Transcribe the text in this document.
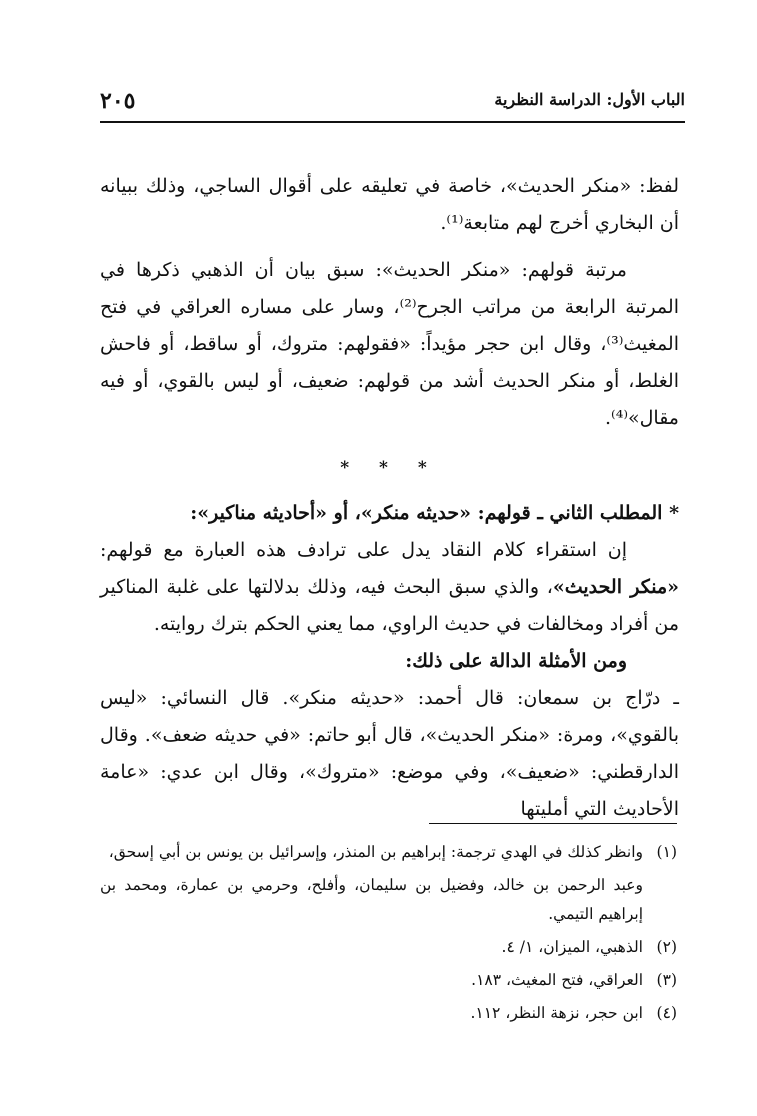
الباب الأول: الدراسة النظرية
٢٠٥

لفظ: «منكر الحديث»، خاصة في تعليقه على أقوال الساجي، وذلك ببيانه أن البخاري أخرج لهم متابعة⁽¹⁾.

مرتبة قولهم: «منكر الحديث»: سبق بيان أن الذهبي ذكرها في المرتبة الرابعة من مراتب الجرح⁽²⁾، وسار على مساره العراقي في فتح المغيث⁽³⁾، وقال ابن حجر مؤيداً: «فقولهم: متروك، أو ساقط، أو فاحش الغلط، أو منكر الحديث أشد من قولهم: ضعيف، أو ليس بالقوي، أو فيه مقال»⁽⁴⁾.

* * *

* المطلب الثاني ـ قولهم: «حديثه منكر»، أو «أحاديثه مناكير»:

إن استقراء كلام النقاد يدل على ترادف هذه العبارة مع قولهم: «منكر الحديث»، والذي سبق البحث فيه، وذلك بدلالتها على غلبة المناكير من أفراد ومخالفات في حديث الراوي، مما يعني الحكم بترك روايته.

ومن الأمثلة الدالة على ذلك:

ـ درّاج بن سمعان: قال أحمد: «حديثه منكر». قال النسائي: «ليس بالقوي»، ومرة: «منكر الحديث»، قال أبو حاتم: «في حديثه ضعف». وقال الدارقطني: «ضعيف»، وفي موضع: «متروك»، وقال ابن عدي: «عامة الأحاديث التي أمليتها

(١)وانظر كذلك في الهدي ترجمة: إبراهيم بن المنذر، وإسرائيل بن يونس بن أبي إسحق،

وعبد الرحمن بن خالد، وفضيل بن سليمان، وأفلح، وحرمي بن عمارة، ومحمد بن إبراهيم التيمي.

(٢)الذهبي، الميزان، ١/ ٤.

(٣)العراقي، فتح المغيث، ١٨٣.

(٤)ابن حجر، نزهة النظر، ١١٢.
